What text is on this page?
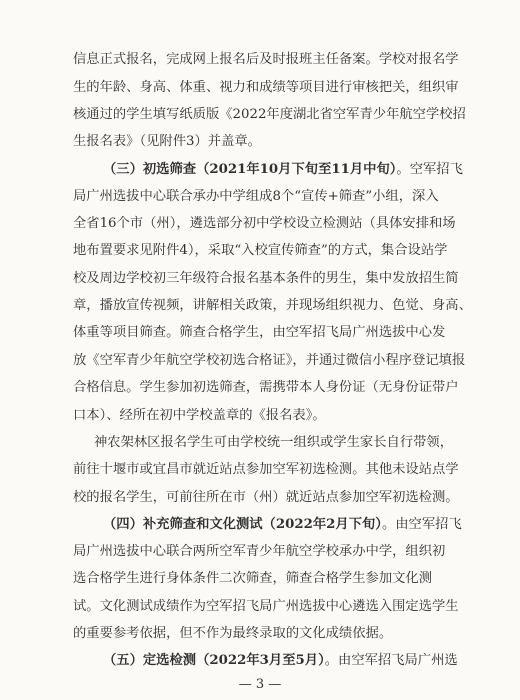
信息正式报名，完成网上报名后及时报班主任备案。学校对报名学
生的年龄、身高、体重、视力和成绩等项目进行审核把关，组织审
核通过的学生填写纸质版《2022年度湖北省空军青少年航空学校招
生报名表》（见附件3）并盖章。
（三）初选筛查（2021年10月下旬至11月中旬）。空军招飞
局广州选拔中心联合承办中学组成8个“宣传+筛查”小组，深入
全省16个市（州），遴选部分初中学校设立检测站（具体安排和场
地布置要求见附件4），采取“入校宣传筛查”的方式，集合设站学
校及周边学校初三年级符合报名基本条件的男生，集中发放招生简
章，播放宣传视频，讲解相关政策，并现场组织视力、色觉、身高、
体重等项目筛查。筛查合格学生，由空军招飞局广州选拔中心发
放《空军青少年航空学校初选合格证》，并通过微信小程序登记填报
合格信息。学生参加初选筛查，需携带本人身份证（无身份证带户
口本）、经所在初中学校盖章的《报名表》。
神农架林区报名学生可由学校统一组织或学生家长自行带领，
前往十堰市或宜昌市就近站点参加空军初选检测。其他未设站点学
校的报名学生，可前往所在市（州）就近站点参加空军初选检测。
（四）补充筛查和文化测试（2022年2月下旬）。由空军招飞
局广州选拔中心联合两所空军青少年航空学校承办中学，组织初
选合格学生进行身体条件二次筛查，筛查合格学生参加文化测
试。文化测试成绩作为空军招飞局广州选拔中心遴选入围定选学生
的重要参考依据，但不作为最终录取的文化成绩依据。
（五）定选检测（2022年3月至5月）。由空军招飞局广州选
— 3 —
